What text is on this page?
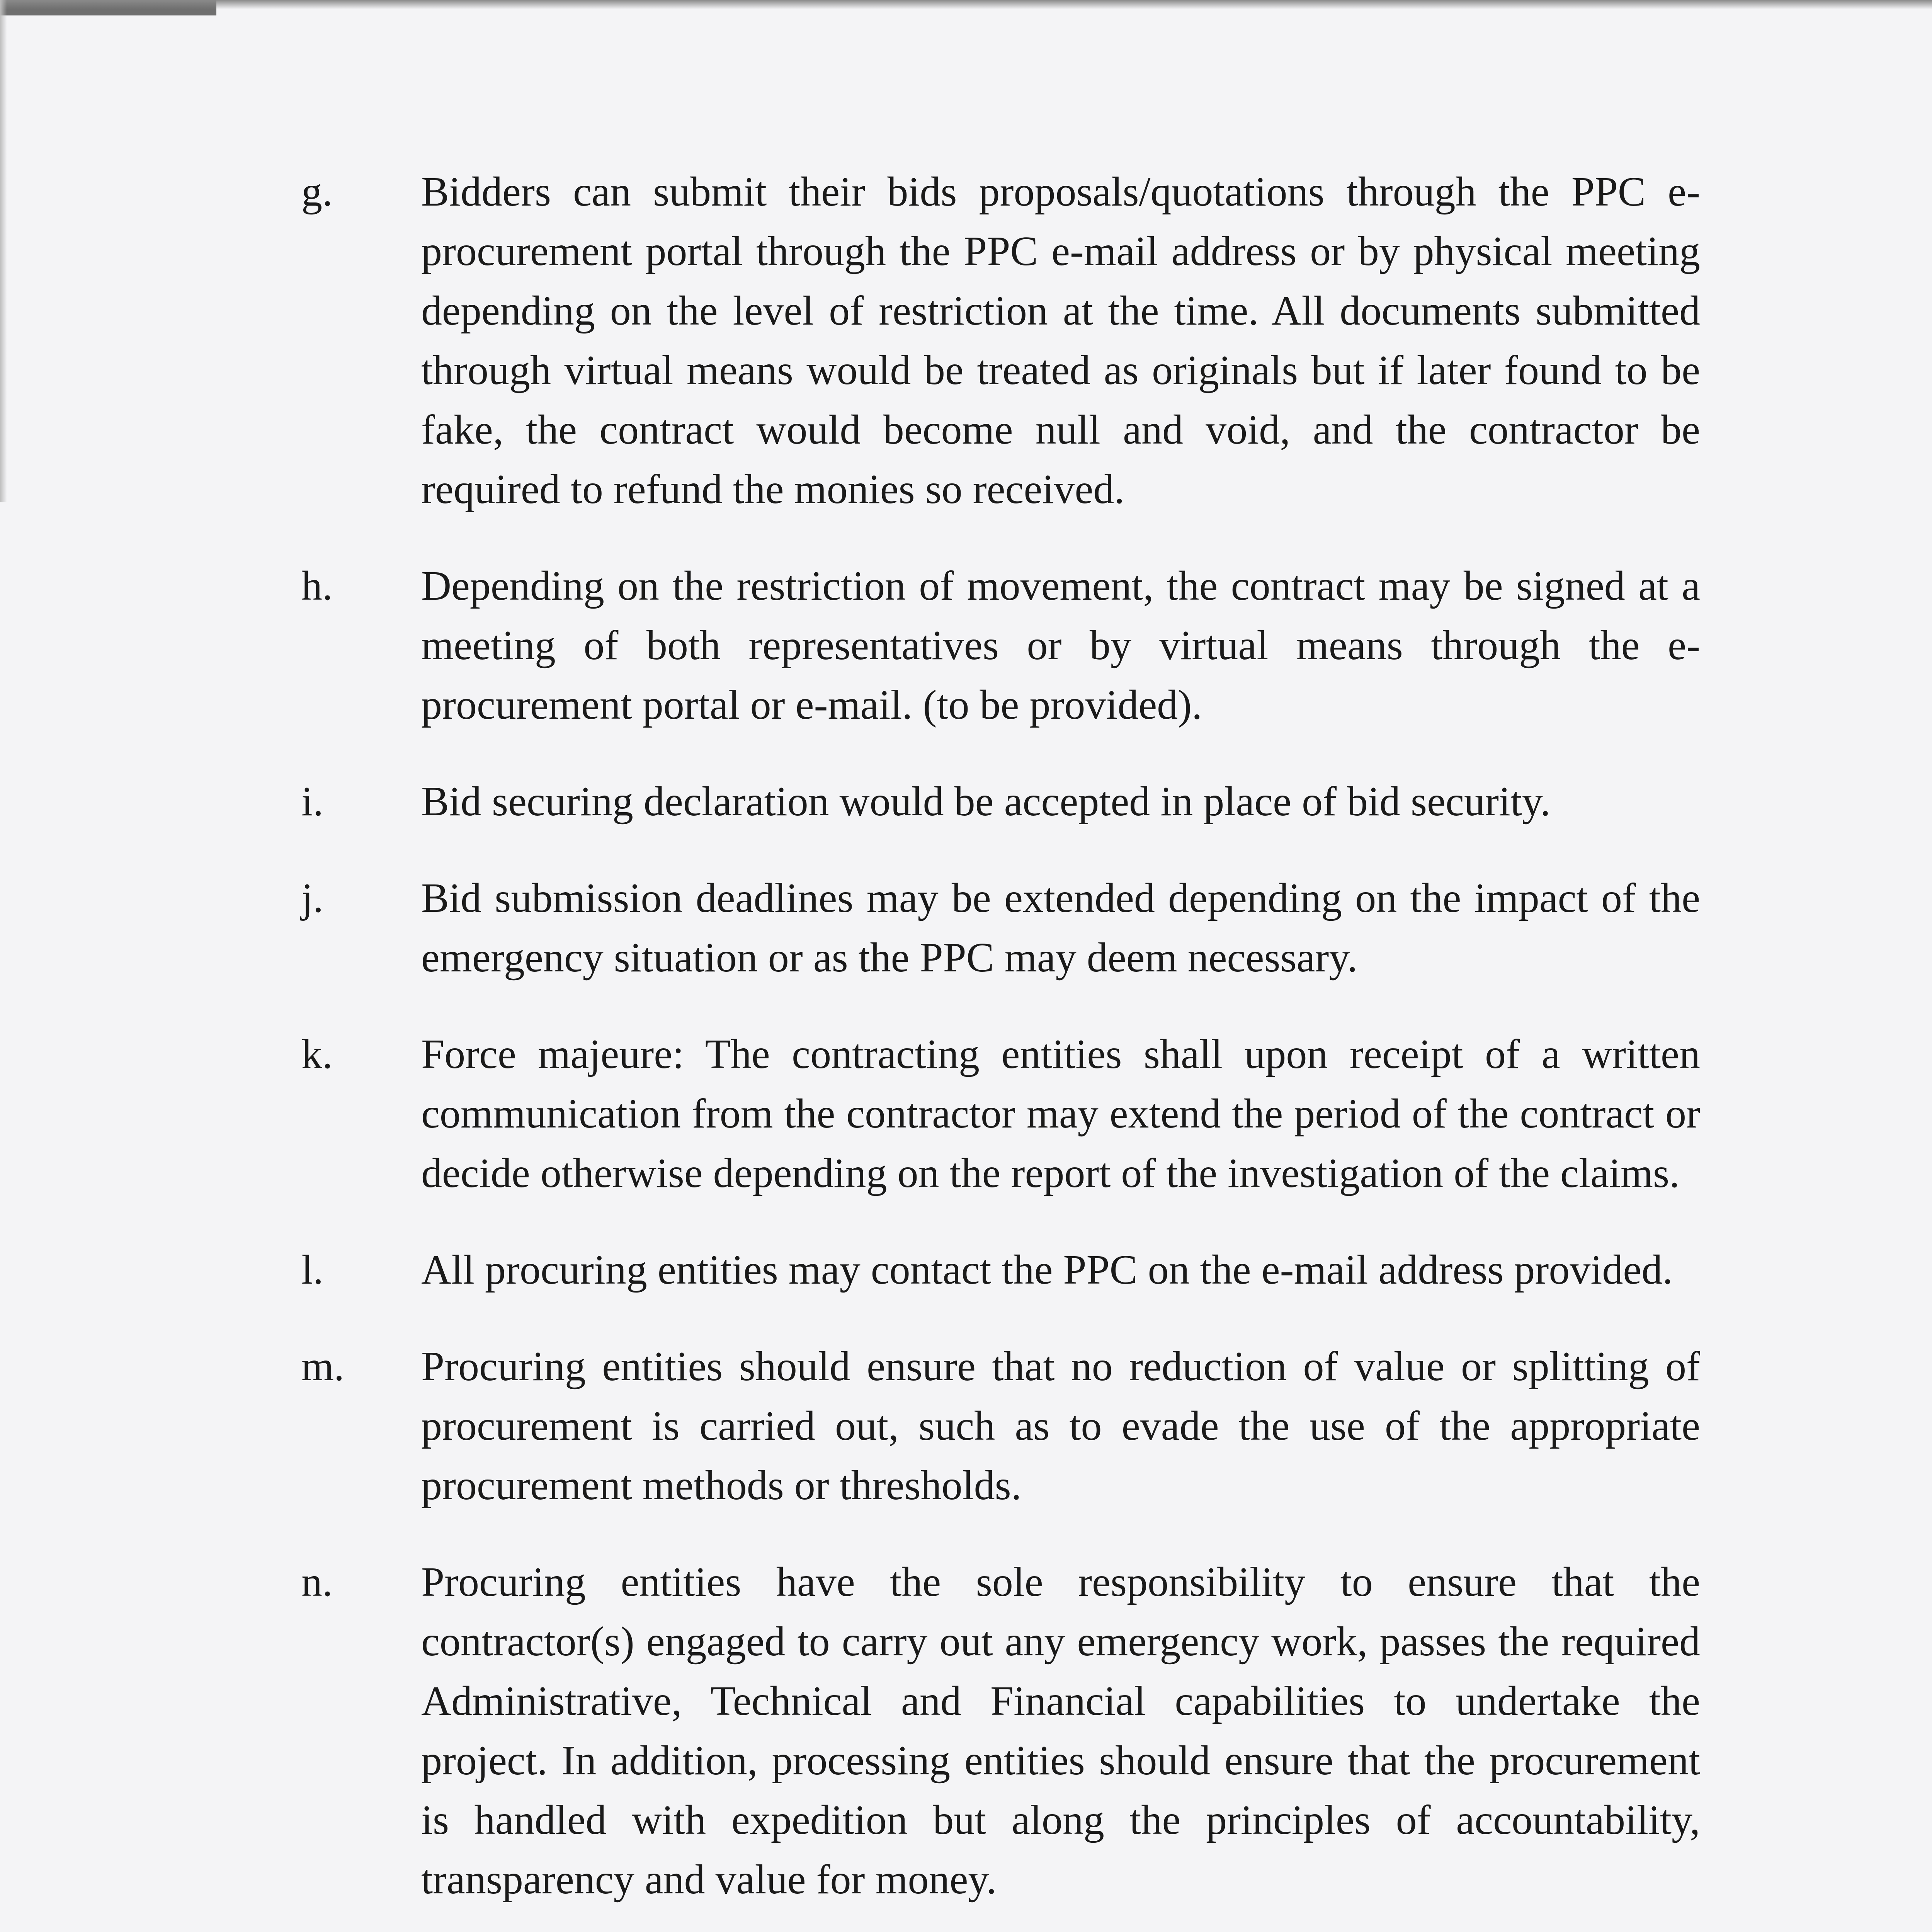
g.	Bidders can submit their bids proposals/quotations through the PPC e-procurement portal through the PPC e-mail address or by physical meeting depending on the level of restriction at the time. All documents submitted through virtual means would be treated as originals but if later found to be fake, the contract would become null and void, and the contractor be required to refund the monies so received.
h.	Depending on the restriction of movement, the contract may be signed at a meeting of both representatives or by virtual means through the e-procurement portal or e-mail. (to be provided).
i.	Bid securing declaration would be accepted in place of bid security.
j.	Bid submission deadlines may be extended depending on the impact of the emergency situation or as the PPC may deem necessary.
k.	Force majeure: The contracting entities shall upon receipt of a written communication from the contractor may extend the period of the contract or decide otherwise depending on the report of the investigation of the claims.
l.	All procuring entities may contact the PPC on the e-mail address provided.
m.	Procuring entities should ensure that no reduction of value or splitting of procurement is carried out, such as to evade the use of the appropriate procurement methods or thresholds.
n.	Procuring entities have the sole responsibility to ensure that the contractor(s) engaged to carry out any emergency work, passes the required Administrative, Technical and Financial capabilities to undertake the project. In addition, processing entities should ensure that the procurement is handled with expedition but along the principles of accountability, transparency and value for money.
